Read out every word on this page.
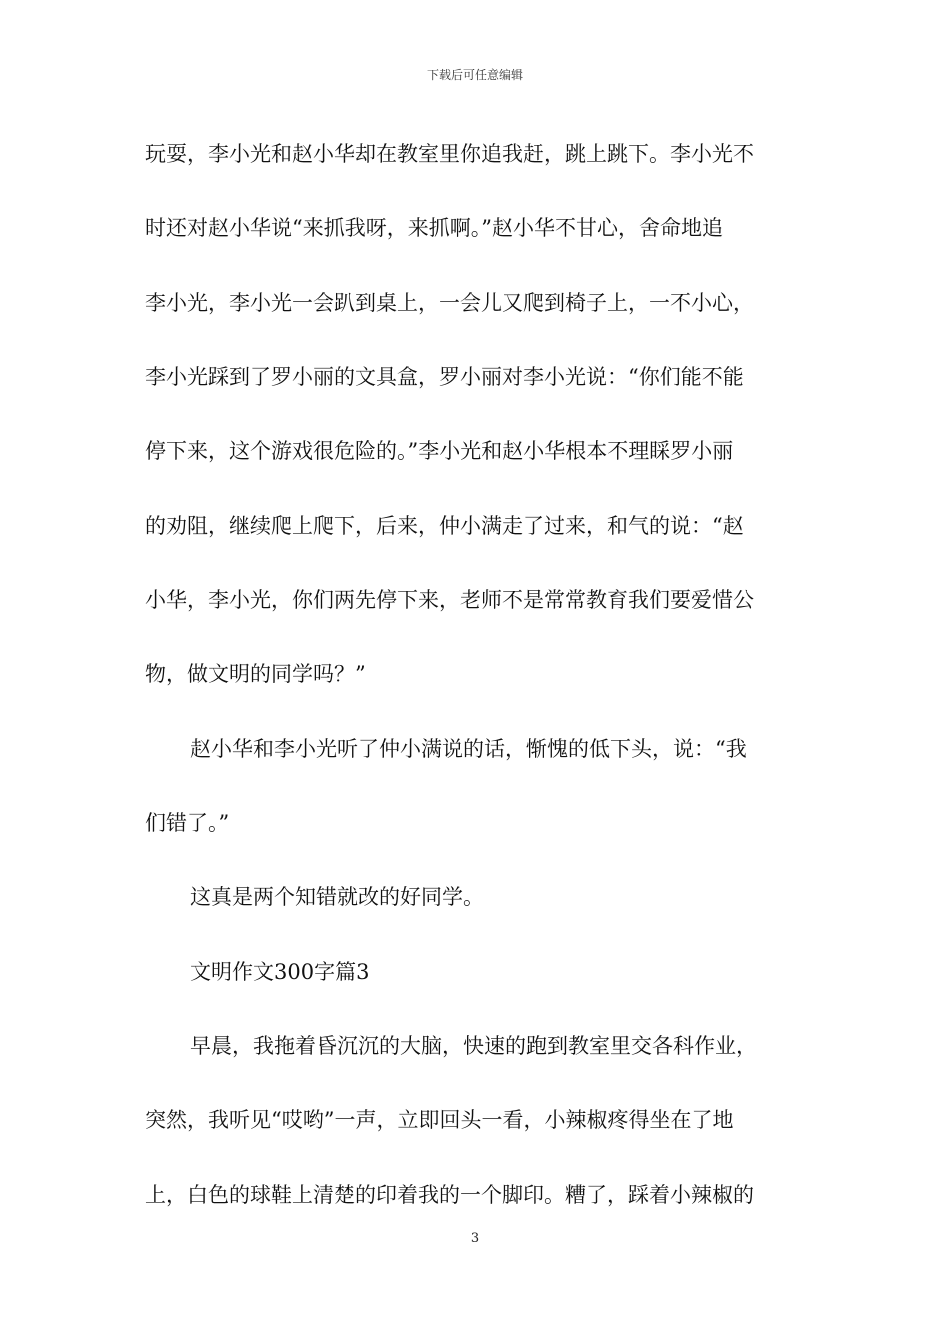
下载后可任意编辑
玩耍，李小光和赵小华却在教室里你追我赶，跳上跳下。李小光不
时还对赵小华说“来抓我呀，来抓啊。”赵小华不甘心，舍命地追
李小光，李小光一会趴到桌上，一会儿又爬到椅子上，一不小心，
李小光踩到了罗小丽的文具盒，罗小丽对李小光说：“你们能不能
停下来，这个游戏很危险的。”李小光和赵小华根本不理睬罗小丽
的劝阻，继续爬上爬下，后来，仲小满走了过来，和气的说：“赵
小华，李小光，你们两先停下来，老师不是常常教育我们要爱惜公
物，做文明的同学吗？”
赵小华和李小光听了仲小满说的话，惭愧的低下头，说：“我
们错了。”
这真是两个知错就改的好同学。
文明作文300字篇3
早晨，我拖着昏沉沉的大脑，快速的跑到教室里交各科作业，
突然，我听见“哎哟”一声，立即回头一看，小辣椒疼得坐在了地
上，白色的球鞋上清楚的印着我的一个脚印。糟了，踩着小辣椒的
3
